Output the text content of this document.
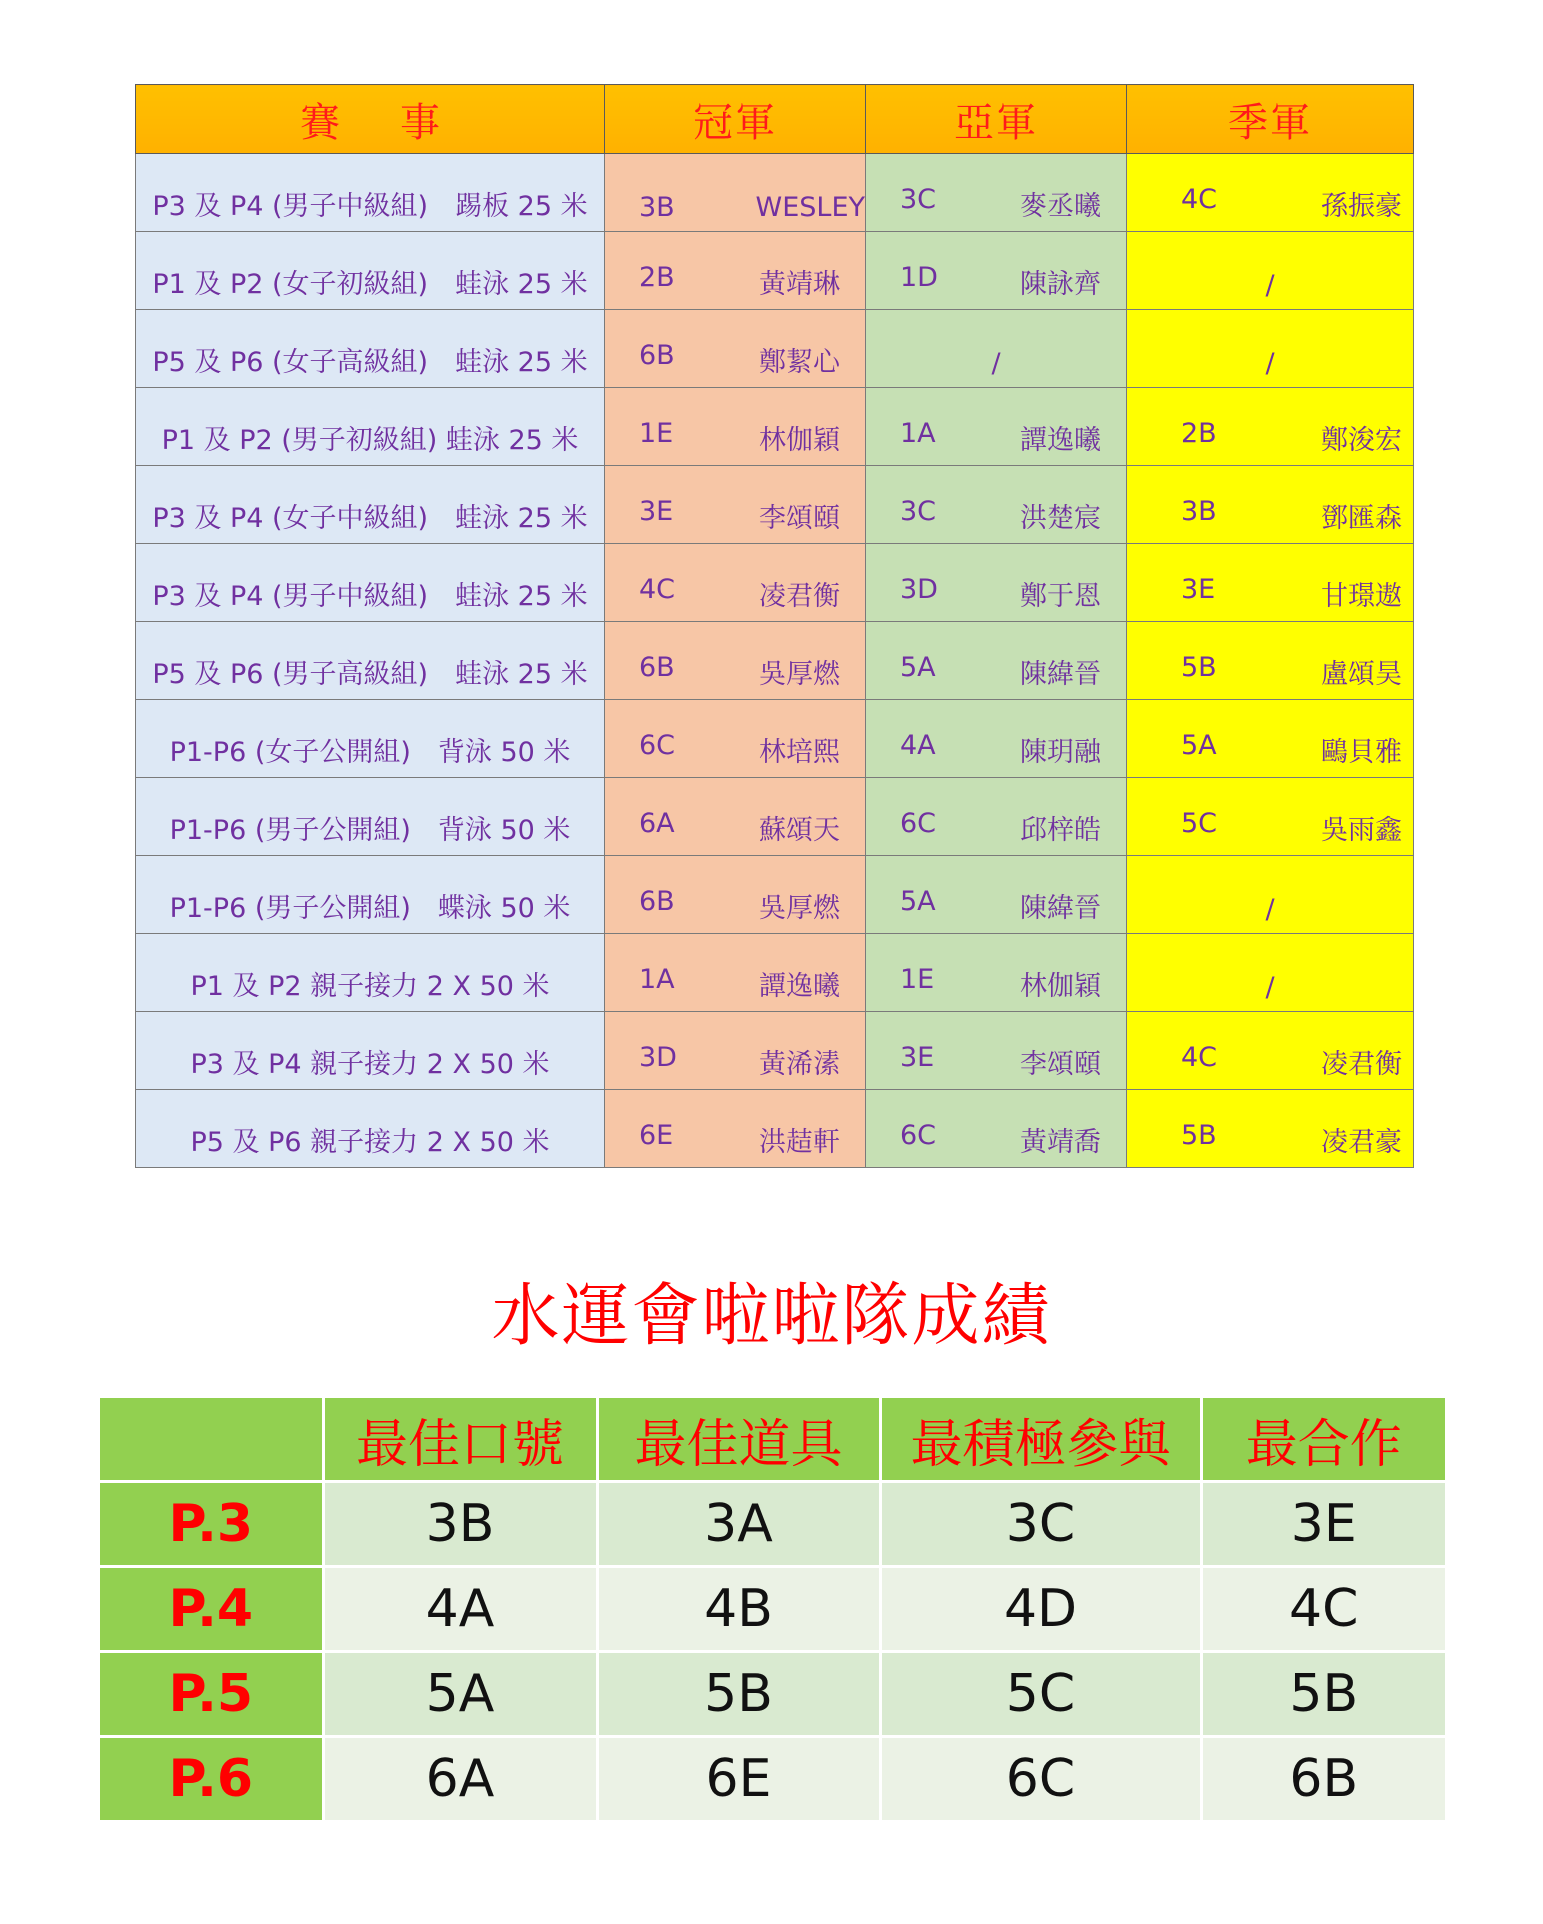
賽事	冠軍	亞軍	季軍

P3 及 P4 (男子中級組)　踢板 25 米	3B WESLEY	3C 麥丞曦	4C 孫振豪

P1 及 P2 (女子初級組)　蛙泳 25 米	2B 黃靖琳	1D 陳詠齊	/

P5 及 P6 (女子高級組)　蛙泳 25 米	6B 鄭絜心	/	/

P1 及 P2 (男子初級組) 蛙泳 25 米	1E 林伽穎	1A 譚逸曦	2B 鄭浚宏

P3 及 P4 (女子中級組)　蛙泳 25 米	3E 李頌頤	3C 洪楚宸	3B 鄧匯森

P3 及 P4 (男子中級組)　蛙泳 25 米	4C 凌君衡	3D 鄭于恩	3E 甘璟遨

P5 及 P6 (男子高級組)　蛙泳 25 米	6B 吳厚燃	5A 陳緯晉	5B 盧頌昊

P1-P6 (女子公開組)　背泳 50 米	6C 林培熙	4A 陳玥融	5A 鷗貝雅

P1-P6 (男子公開組)　背泳 50 米	6A 蘇頌天	6C 邱梓皓	5C 吳雨鑫

P1-P6 (男子公開組)　蝶泳 50 米	6B 吳厚燃	5A 陳緯晉	/

P1 及 P2 親子接力 2 X 50 米	1A 譚逸曦	1E 林伽穎	/

P3 及 P4 親子接力 2 X 50 米	3D 黃浠溸	3E 李頌頤	4C 凌君衡

P5 及 P6 親子接力 2 X 50 米	6E 洪趌軒	6C 黃靖喬	5B 凌君豪
水運會啦啦隊成績
	最佳口號	最佳道具	最積極參與	最合作
P.3	3B	3A	3C	3E
P.4	4A	4B	4D	4C
P.5	5A	5B	5C	5B
P.6	6A	6E	6C	6B
